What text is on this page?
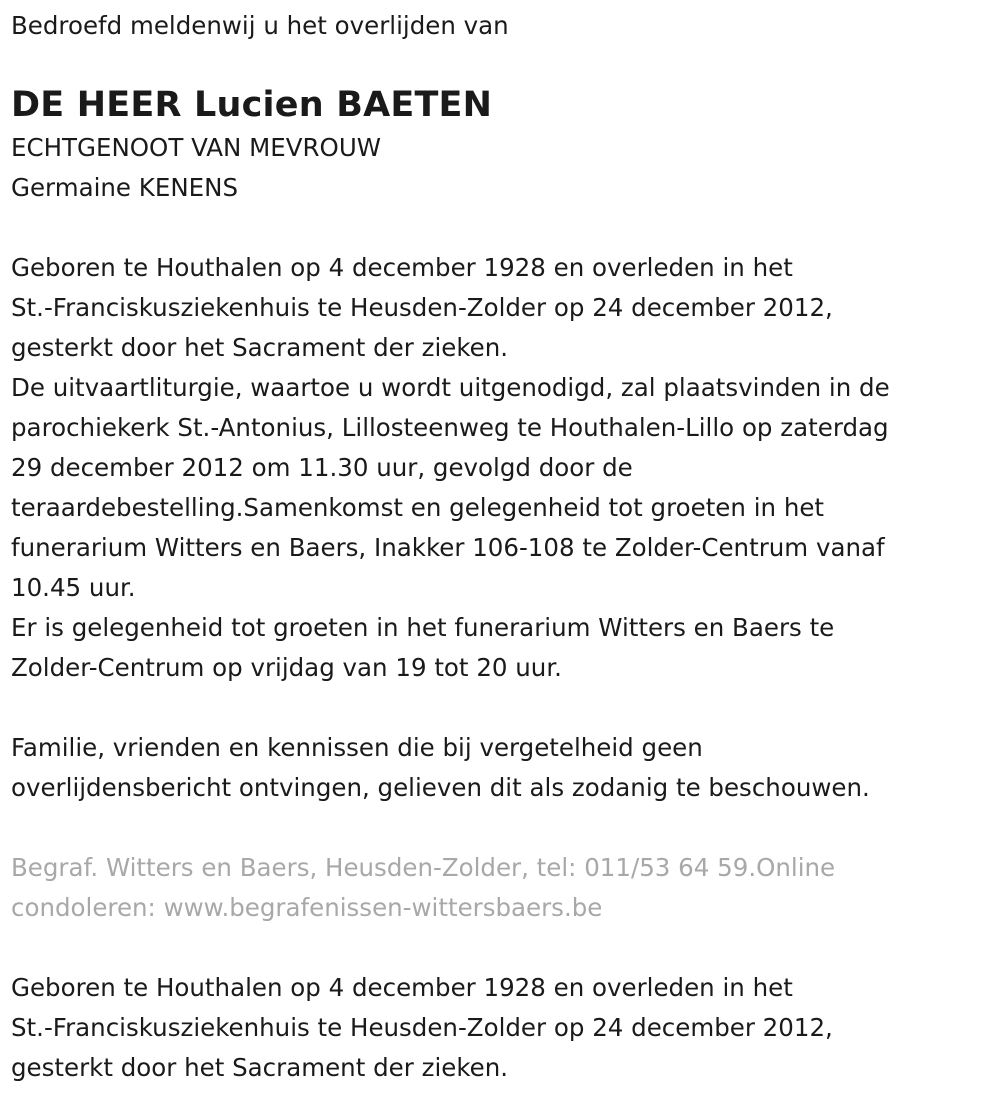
Bedroefd meldenwij u het overlijden van

DE HEER Lucien BAETEN

ECHTGENOOT VAN MEVROUW

Germaine KENENS

Geboren te Houthalen op 4 december 1928 en overleden in het

St.-Franciskusziekenhuis te Heusden-Zolder op 24 december 2012,

gesterkt door het Sacrament der zieken.

De uitvaartliturgie, waartoe u wordt uitgenodigd, zal plaatsvinden in de

parochiekerk St.-Antonius, Lillosteenweg te Houthalen-Lillo op zaterdag

29 december 2012 om 11.30 uur, gevolgd door de

teraardebestelling.Samenkomst en gelegenheid tot groeten in het

funerarium Witters en Baers, Inakker 106-108 te Zolder-Centrum vanaf

10.45 uur.

Er is gelegenheid tot groeten in het funerarium Witters en Baers te

Zolder-Centrum op vrijdag van 19 tot 20 uur.

Familie, vrienden en kennissen die bij vergetelheid geen

overlijdensbericht ontvingen, gelieven dit als zodanig te beschouwen.

Begraf. Witters en Baers, Heusden-Zolder, tel: 011/53 64 59.Online

condoleren: www.begrafenissen-wittersbaers.be

Geboren te Houthalen op 4 december 1928 en overleden in het

St.-Franciskusziekenhuis te Heusden-Zolder op 24 december 2012,

gesterkt door het Sacrament der zieken.
